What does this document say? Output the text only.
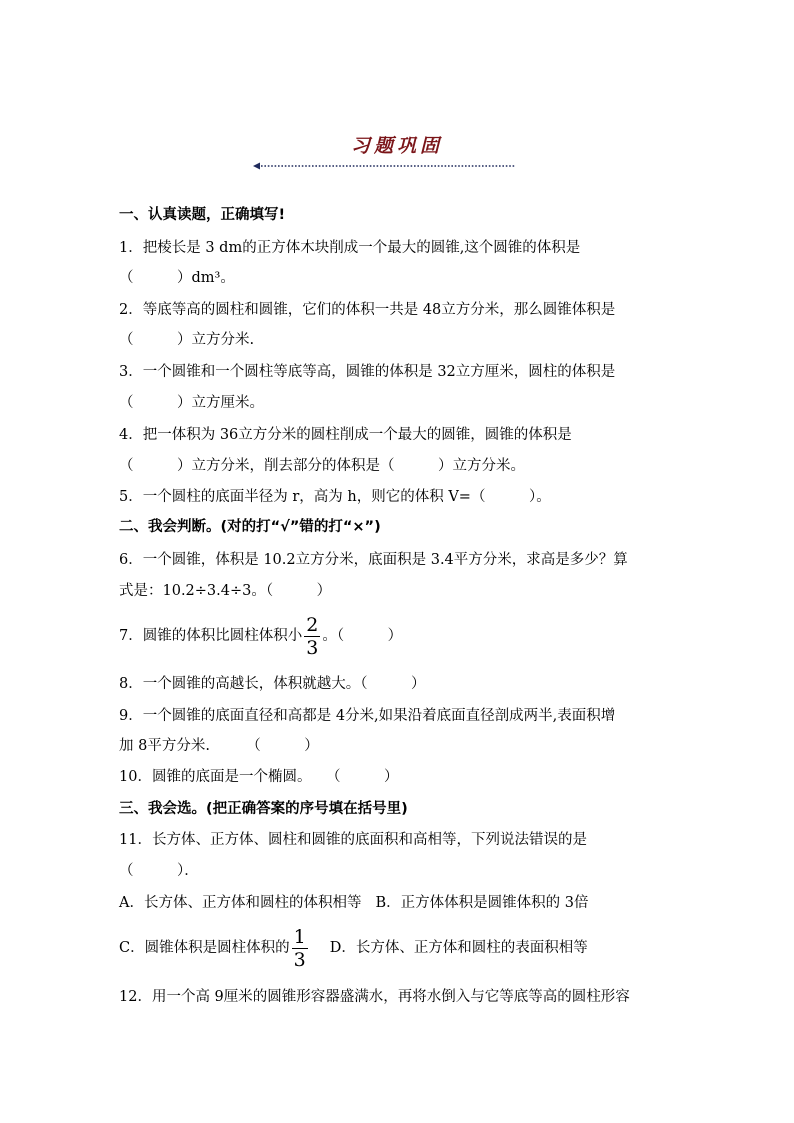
习题巩固
一、认真读题，正确填写!
1．把棱长是 3 dm的正方体木块削成一个最大的圆锥,这个圆锥的体积是
（　　　）dm³。
2．等底等高的圆柱和圆锥，它们的体积一共是 48立方分米，那么圆锥体积是
（　　　）立方分米.
3．一个圆锥和一个圆柱等底等高，圆锥的体积是 32立方厘米，圆柱的体积是
（　　　）立方厘米。
4．把一体积为 36立方分米的圆柱削成一个最大的圆锥，圆锥的体积是
（　　　）立方分米，削去部分的体积是（　　　）立方分米。
5．一个圆柱的底面半径为 r，高为 h，则它的体积 V=（　　　）。
二、我会判断。(对的打“√”错的打“×”)
6．一个圆锥，体积是 10.2立方分米，底面积是 3.4平方分米，求高是多少？算
式是：10.2÷3.4÷3。（　　　）
7．圆锥的体积比圆柱体积小 $\frac{2}{3}$ 。（　　　）
8．一个圆锥的高越长，体积就越大。（　　　）
9．一个圆锥的底面直径和高都是 4分米,如果沿着底面直径剖成两半,表面积增
加 8平方分米.　　　（　　　）
10．圆锥的底面是一个椭圆。　　（　　　）
三、我会选。(把正确答案的序号填在括号里)
11．长方体、正方体、圆柱和圆锥的底面积和高相等，下列说法错误的是
（　　　）．
A．长方体、正方体和圆柱的体积相等 B．正方体体积是圆锥体积的 3倍
C．圆锥体积是圆柱体积的 $\frac{1}{3}$ D．长方体、正方体和圆柱的表面积相等
12．用一个高 9厘米的圆锥形容器盛满水，再将水倒入与它等底等高的圆柱形容
